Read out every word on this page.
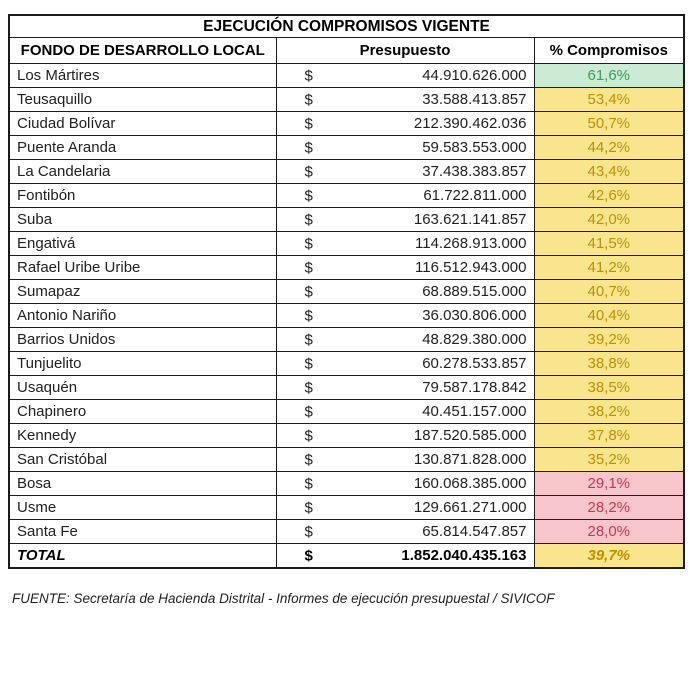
EJECUCIÓN COMPROMISOS VIGENTE		
FONDO DE DESARROLLO LOCAL	Presupuesto	% Compromisos
Los Mártires	$ 44.910.626.000	61,6%
Teusaquillo	$ 33.588.413.857	53,4%
Ciudad Bolívar	$ 212.390.462.036	50,7%
Puente Aranda	$ 59.583.553.000	44,2%
La Candelaria	$ 37.438.383.857	43,4%
Fontibón	$ 61.722.811.000	42,6%
Suba	$ 163.621.141.857	42,0%
Engativá	$ 114.268.913.000	41,5%
Rafael Uribe Uribe	$ 116.512.943.000	41,2%
Sumapaz	$ 68.889.515.000	40,7%
Antonio Nariño	$ 36.030.806.000	40,4%
Barrios Unidos	$ 48.829.380.000	39,2%
Tunjuelito	$ 60.278.533.857	38,8%
Usaquén	$ 79.587.178.842	38,5%
Chapinero	$ 40.451.157.000	38,2%
Kennedy	$ 187.520.585.000	37,8%
San Cristóbal	$ 130.871.828.000	35,2%
Bosa	$ 160.068.385.000	29,1%
Usme	$ 129.661.271.000	28,2%
Santa Fe	$ 65.814.547.857	28,0%
TOTAL	$ 1.852.040.435.163	39,7%
FUENTE: Secretaría de Hacienda Distrital - Informes de ejecución presupuestal / SIVICOF
